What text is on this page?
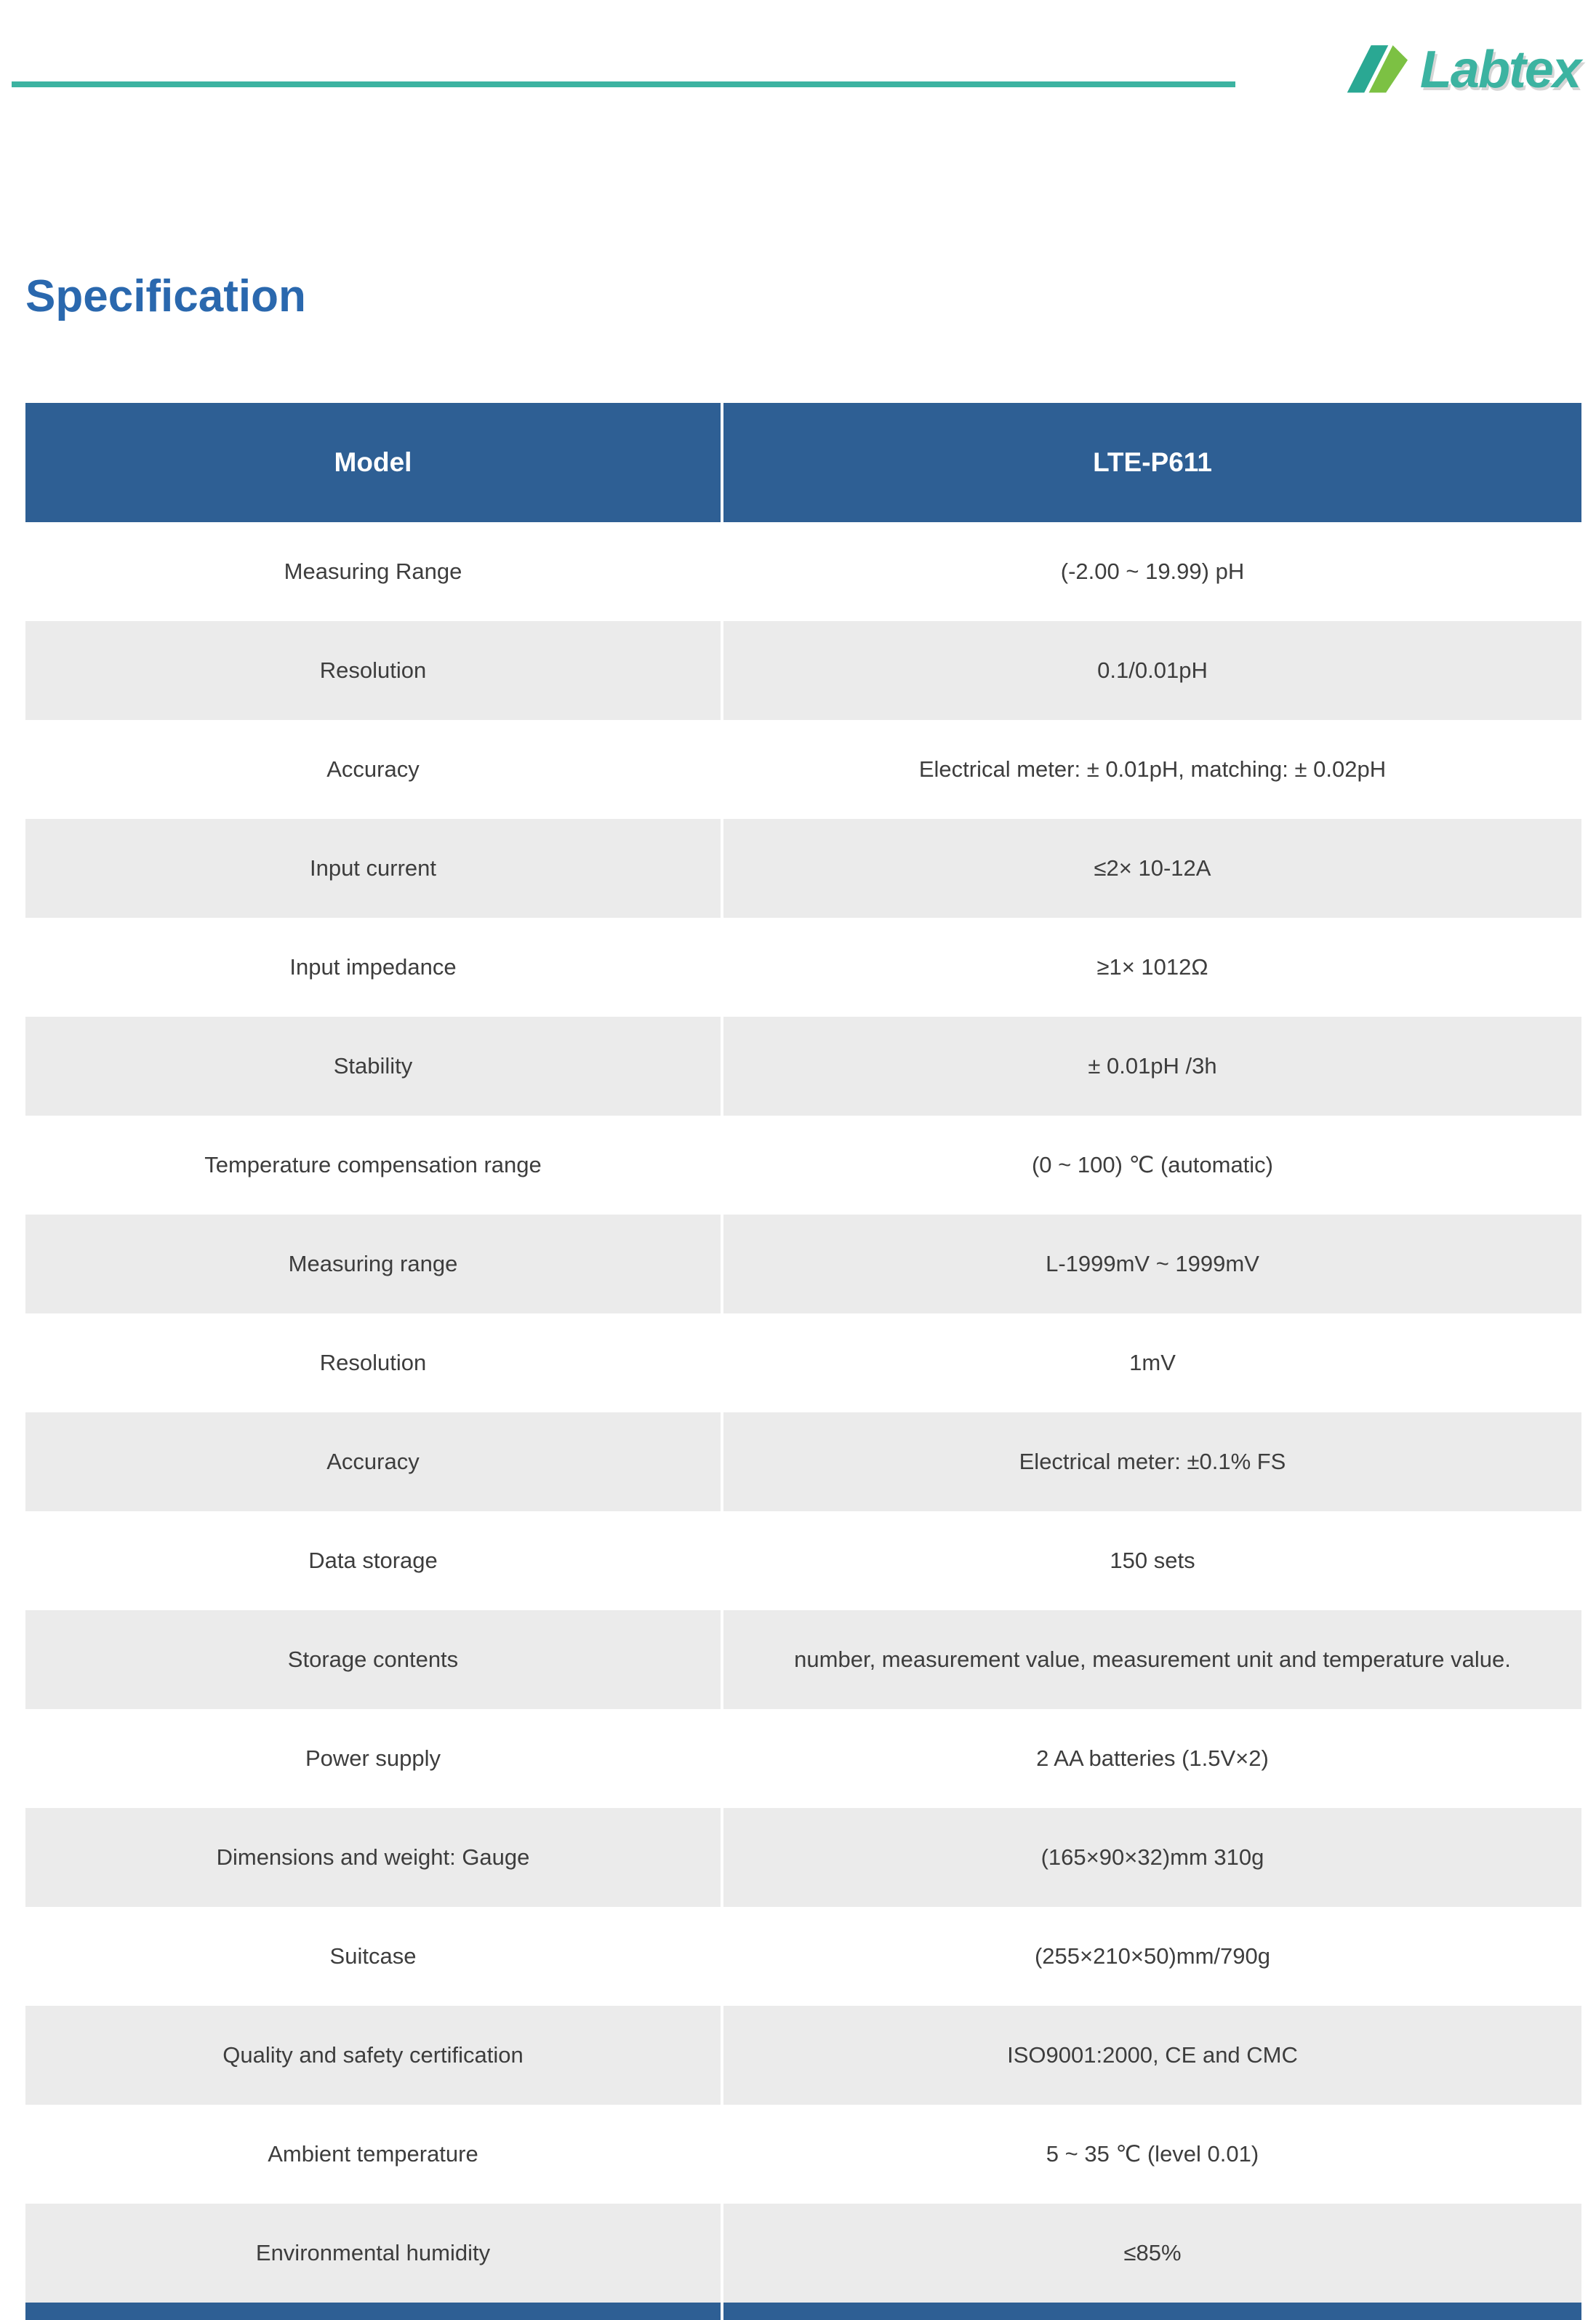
Labtex
Specification
Model	LTE-P611
Measuring Range	(-2.00 ~ 19.99) pH
Resolution	0.1/0.01pH
Accuracy	Electrical meter: ± 0.01pH, matching: ± 0.02pH
Input current	≤2× 10-12A
Input impedance	≥1× 1012Ω
Stability	± 0.01pH /3h
Temperature compensation range	(0 ~ 100) ℃ (automatic)
Measuring range	L-1999mV ~ 1999mV
Resolution	1mV
Accuracy	Electrical meter: ±0.1% FS
Data storage	150 sets
Storage contents	number, measurement value, measurement unit and temperature value.
Power supply	2 AA batteries (1.5V×2)
Dimensions and weight: Gauge	(165×90×32)mm 310g
Suitcase	(255×210×50)mm/790g
Quality and safety certification	ISO9001:2000, CE and CMC
Ambient temperature	5 ~ 35 ℃ (level 0.01)
Environmental humidity	≤85%
